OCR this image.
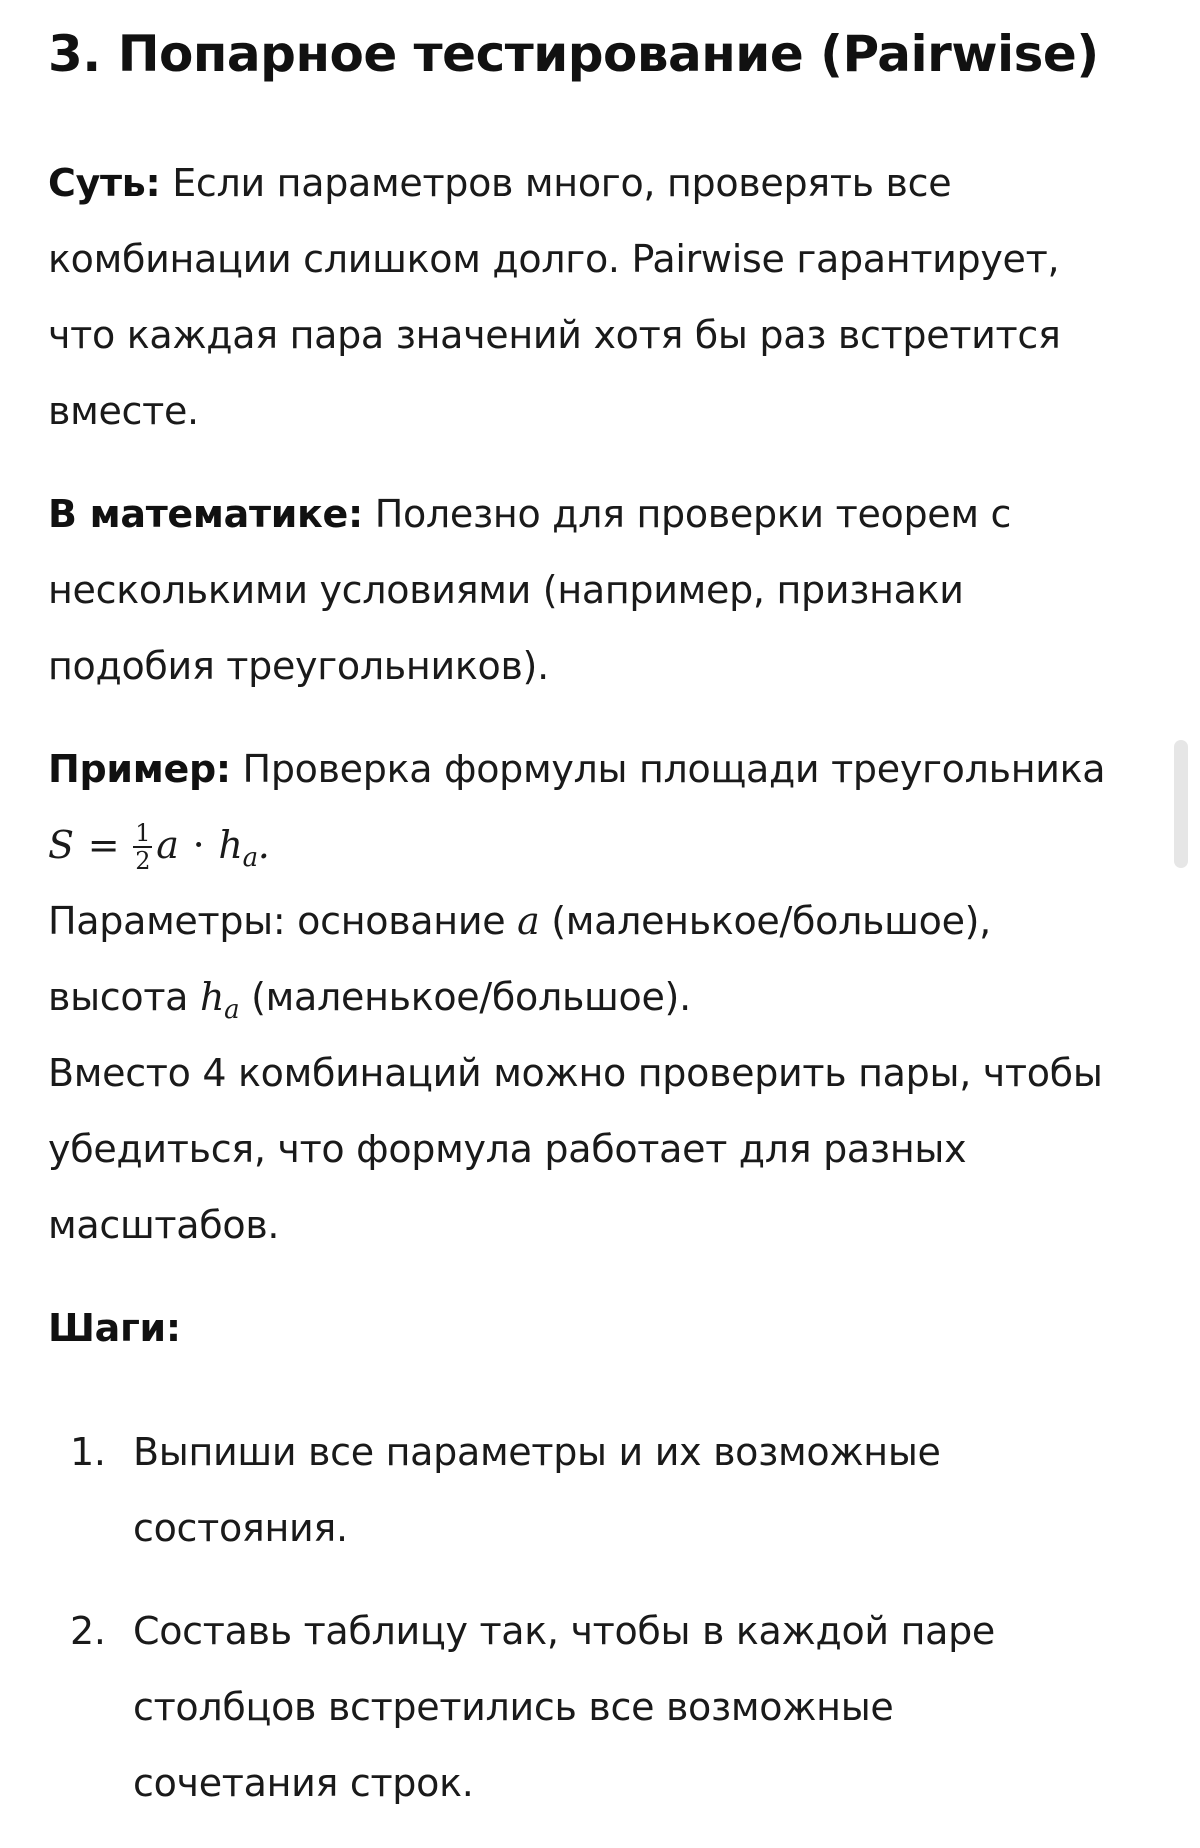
3. Попарное тестирование (Pairwise)

Суть: Если параметров много, проверять все комбинации слишком долго. Pairwise гарантирует, что каждая пара значений хотя бы раз встретится вместе.

В математике: Полезно для проверки теорем с несколькими условиями (например, признаки подобия треугольников).

Пример: Проверка формулы площади треугольника $S = \frac{1}{2}$ $a \cdot h_a$.
Параметры: основание a (маленькое/большое),
высота $h_a$ (маленькое/большое).
Вместо 4 комбинаций можно проверить пары, чтобы убедиться, что формула работает для разных масштабов.

Шаги:

1. Выпиши все параметры и их возможные состояния.
2. Составь таблицу так, чтобы в каждой паре столбцов встретились все возможные сочетания строк.
